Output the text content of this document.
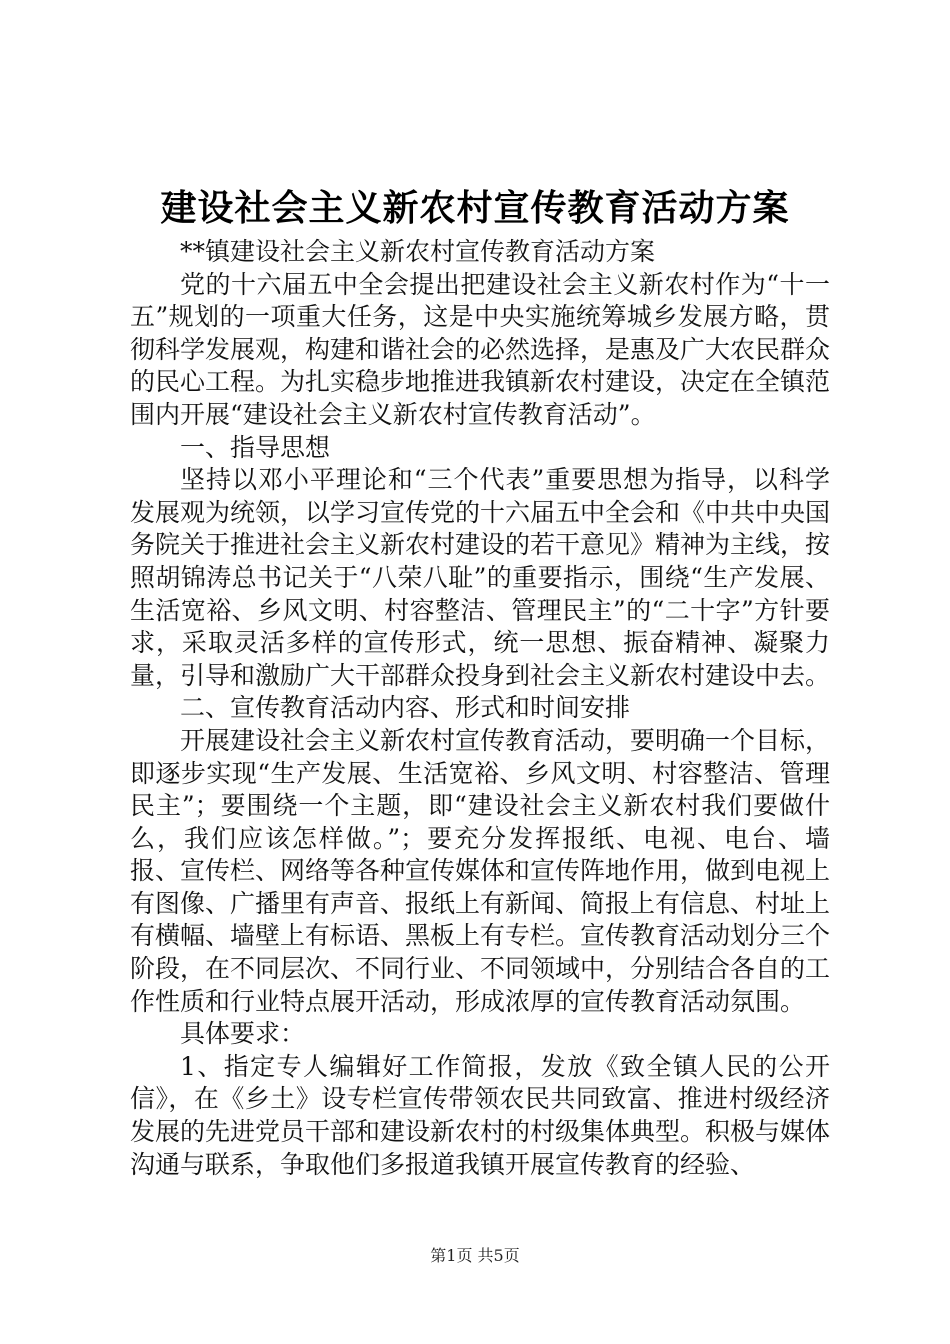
建设社会主义新农村宣传教育活动方案

**镇建设社会主义新农村宣传教育活动方案

党的十六届五中全会提出把建设社会主义新农村作为“十一五”规划的一项重大任务，这是中央实施统筹城乡发展方略，贯彻科学发展观，构建和谐社会的必然选择，是惠及广大农民群众的民心工程。为扎实稳步地推进我镇新农村建设，决定在全镇范围内开展“建设社会主义新农村宣传教育活动”。

一、指导思想

坚持以邓小平理论和“三个代表”重要思想为指导，以科学发展观为统领，以学习宣传党的十六届五中全会和《中共中央国务院关于推进社会主义新农村建设的若干意见》精神为主线，按照胡锦涛总书记关于“八荣八耻”的重要指示，围绕“生产发展、生活宽裕、乡风文明、村容整洁、管理民主”的“二十字”方针要求，采取灵活多样的宣传形式，统一思想、振奋精神、凝聚力量，引导和激励广大干部群众投身到社会主义新农村建设中去。

二、宣传教育活动内容、形式和时间安排

开展建设社会主义新农村宣传教育活动，要明确一个目标，即逐步实现“生产发展、生活宽裕、乡风文明、村容整洁、管理民主”；要围绕一个主题，即“建设社会主义新农村我们要做什么，我们应该怎样做。”；要充分发挥报纸、电视、电台、墙报、宣传栏、网络等各种宣传媒体和宣传阵地作用，做到电视上有图像、广播里有声音、报纸上有新闻、简报上有信息、村址上有横幅、墙壁上有标语、黑板上有专栏。宣传教育活动划分三个阶段，在不同层次、不同行业、不同领域中，分别结合各自的工作性质和行业特点展开活动，形成浓厚的宣传教育活动氛围。

具体要求：

1、指定专人编辑好工作简报，发放《致全镇人民的公开信》，在《乡土》设专栏宣传带领农民共同致富、推进村级经济发展的先进党员干部和建设新农村的村级集体典型。积极与媒体沟通与联系，争取他们多报道我镇开展宣传教育的经验、

第1页 共5页
